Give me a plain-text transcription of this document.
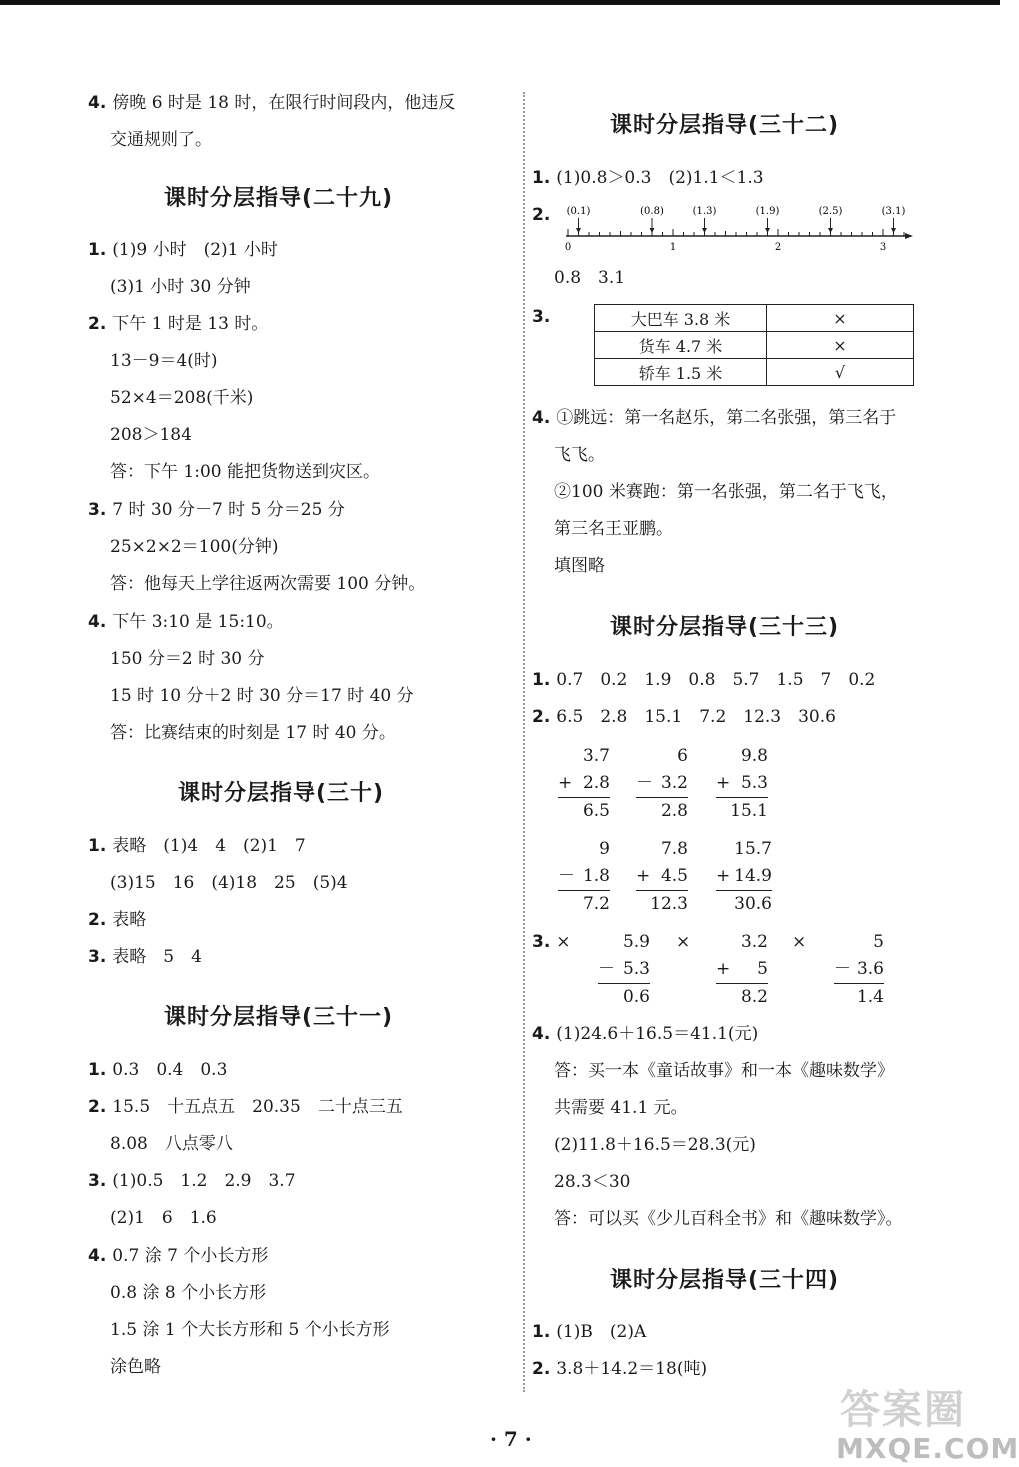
4. 傍晚 6 时是 18 时，在限行时间段内，他违反
交通规则了。
课时分层指导(二十九)
1. (1)9 小时　(2)1 小时
(3)1 小时 30 分钟
2. 下午 1 时是 13 时。
13－9＝4(时)
52×4＝208(千米)
208＞184
答：下午 1:00 能把货物送到灾区。
3. 7 时 30 分－7 时 5 分＝25 分
25×2×2＝100(分钟)
答：他每天上学往返两次需要 100 分钟。
4. 下午 3:10 是 15:10。
150 分＝2 时 30 分
15 时 10 分＋2 时 30 分＝17 时 40 分
答：比赛结束的时刻是 17 时 40 分。
课时分层指导(三十)
1. 表略　(1)4　4　(2)1　7
(3)15　16　(4)18　25　(5)4
2. 表略
3. 表略　5　4
课时分层指导(三十一)
1. 0.3　0.4　0.3
2. 15.5　十五点五　20.35　二十点三五
8.08　八点零八
3. (1)0.5　1.2　2.9　3.7
(2)1　6　1.6
4. 0.7 涂 7 个小长方形
0.8 涂 8 个小长方形
1.5 涂 1 个大长方形和 5 个小长方形
涂色略
课时分层指导(三十二)
1. (1)0.8＞0.3　(2)1.1＜1.3
2.
0	1	2	3
(0.1)	(0.8)	(1.3)	(1.9)	(2.5)	(3.1)
0.8　3.1
3.	大巴车 3.8 米	×
货车 4.7 米	×
轿车 1.5 米	√
4. ①跳远：第一名赵乐，第二名张强，第三名于
飞飞。
②100 米赛跑：第一名张强，第二名于飞飞，
第三名王亚鹏。
填图略
课时分层指导(三十三)
1. 0.7　0.2　1.9　0.8　5.7　1.5　7　0.2
2. 6.5　2.8　15.1　7.2　12.3　30.6
3.7
+ 2.8
6.5
6
－ 3.2
2.8
9.8
+ 5.3
15.1
9
－ 1.8
7.2
7.8
+ 4.5
12.3
15.7
+ 14.9
30.6
3. ×	5.9
－ 5.3
0.6
×	3.2
+ 5
8.2
×	5
－ 3.6
1.4
4. (1)24.6＋16.5＝41.1(元)
答：买一本《童话故事》和一本《趣味数学》
共需要 41.1 元。
(2)11.8＋16.5＝28.3(元)
28.3＜30
答：可以买《少儿百科全书》和《趣味数学》。
课时分层指导(三十四)
1. (1)B　(2)A
2. 3.8＋14.2＝18(吨)
· 7 ·
答案圈
MXQE.COM
